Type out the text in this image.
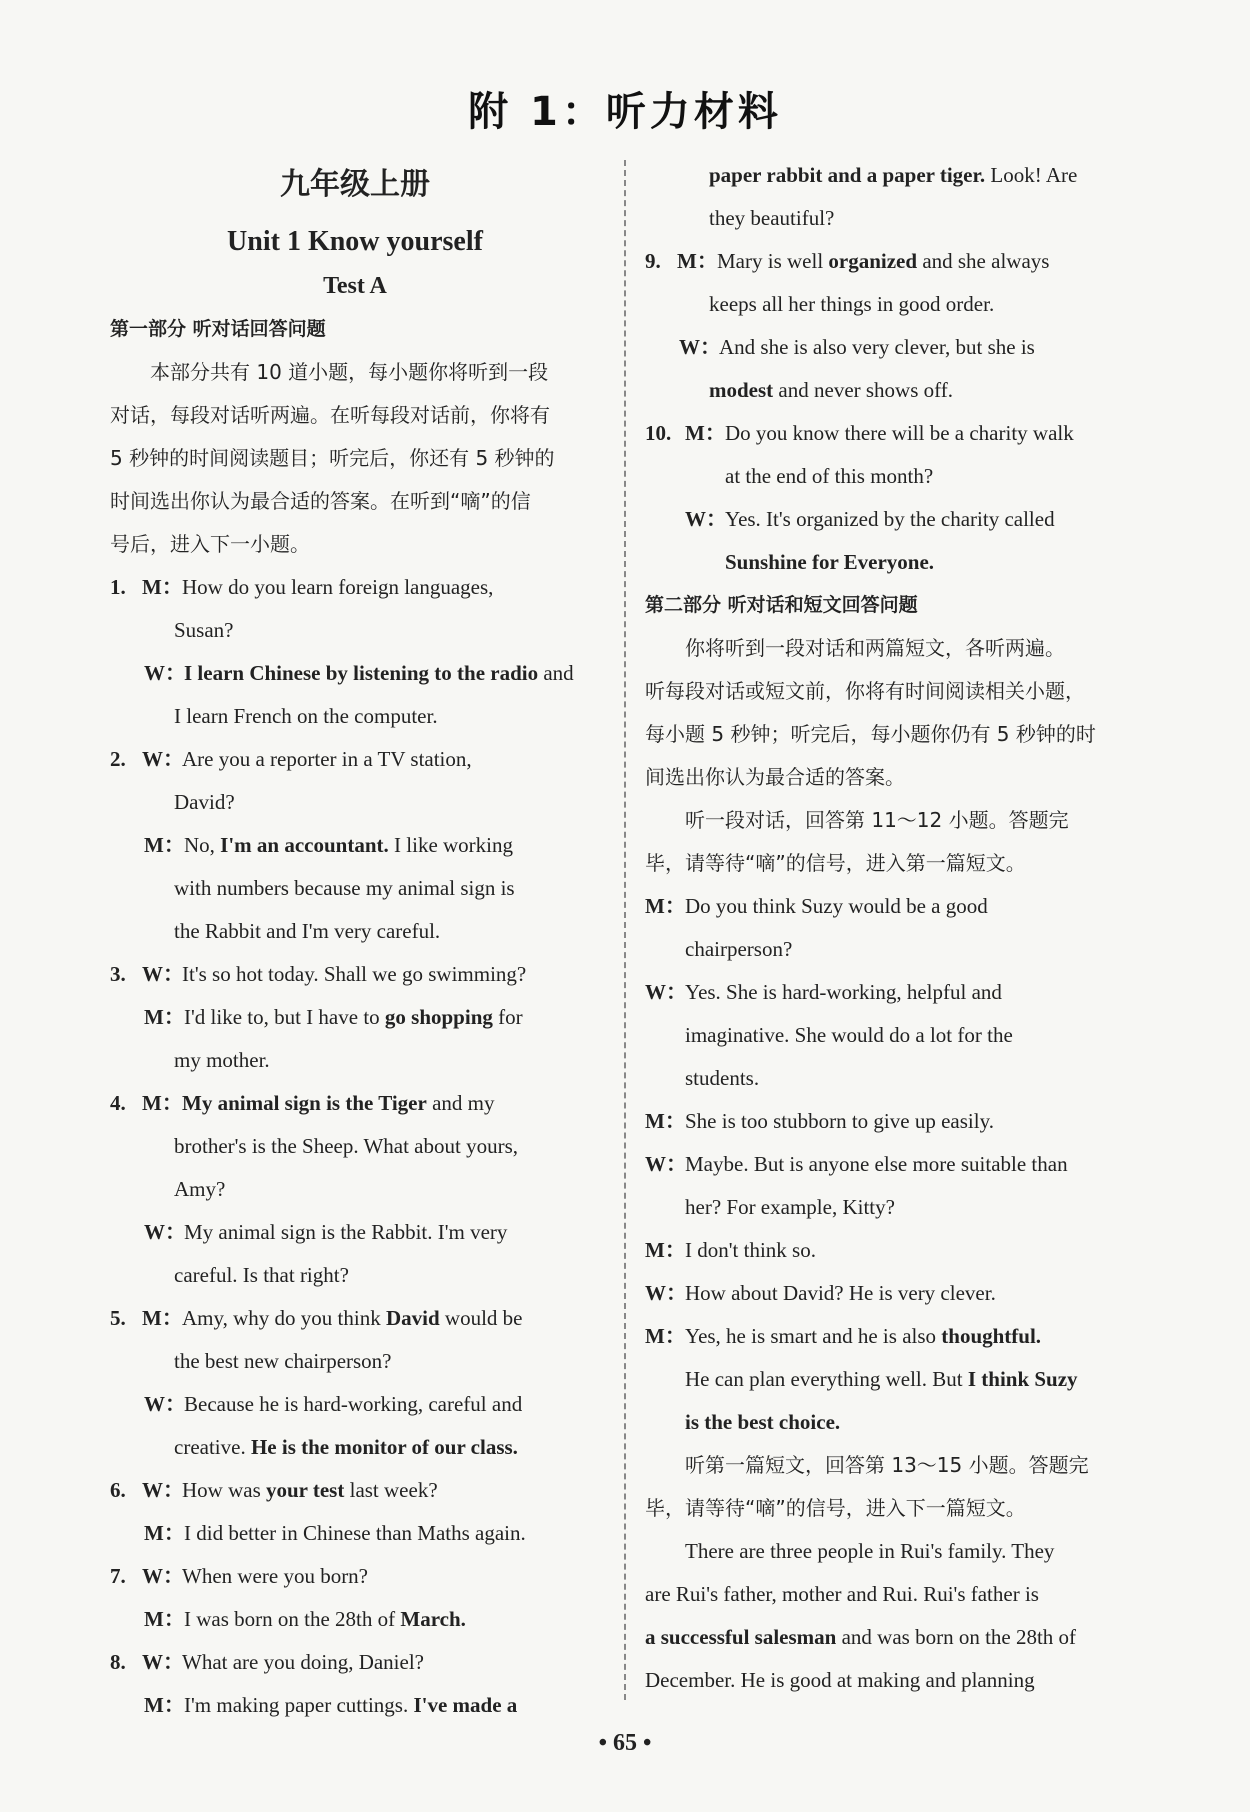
附 1：听力材料
九年级上册
Unit 1 Know yourself
Test A
第一部分 听对话回答问题
本部分共有 10 道小题，每小题你将听到一段
对话，每段对话听两遍。在听每段对话前，你将有
5 秒钟的时间阅读题目；听完后，你还有 5 秒钟的
时间选出你认为最合适的答案。在听到“嘀”的信
号后，进入下一小题。
1. M：How do you learn foreign languages,
Susan?
W：I learn Chinese by listening to the radio and
I learn French on the computer.
2. W：Are you a reporter in a TV station,
David?
M：No, I'm an accountant. I like working
with numbers because my animal sign is
the Rabbit and I'm very careful.
3. W：It's so hot today. Shall we go swimming?
M：I'd like to, but I have to go shopping for
my mother.
4. M：My animal sign is the Tiger and my
brother's is the Sheep. What about yours,
Amy?
W：My animal sign is the Rabbit. I'm very
careful. Is that right?
5. M：Amy, why do you think David would be
the best new chairperson?
W：Because he is hard-working, careful and
creative. He is the monitor of our class.
6. W：How was your test last week?
M：I did better in Chinese than Maths again.
7. W：When were you born?
M：I was born on the 28th of March.
8. W：What are you doing, Daniel?
M：I'm making paper cuttings. I've made a
paper rabbit and a paper tiger. Look! Are
they beautiful?
9. M：Mary is well organized and she always
keeps all her things in good order.
W：And she is also very clever, but she is
modest and never shows off.
10. M：Do you know there will be a charity walk
at the end of this month?
W：Yes. It's organized by the charity called
Sunshine for Everyone.
第二部分 听对话和短文回答问题
你将听到一段对话和两篇短文，各听两遍。
听每段对话或短文前，你将有时间阅读相关小题，
每小题 5 秒钟；听完后，每小题你仍有 5 秒钟的时
间选出你认为最合适的答案。
听一段对话，回答第 11～12 小题。答题完
毕，请等待“嘀”的信号，进入第一篇短文。
M：Do you think Suzy would be a good
chairperson?
W：Yes. She is hard-working, helpful and
imaginative. She would do a lot for the
students.
M：She is too stubborn to give up easily.
W：Maybe. But is anyone else more suitable than
her? For example, Kitty?
M：I don't think so.
W：How about David? He is very clever.
M：Yes, he is smart and he is also thoughtful.
He can plan everything well. But I think Suzy
is the best choice.
听第一篇短文，回答第 13～15 小题。答题完
毕，请等待“嘀”的信号，进入下一篇短文。
There are three people in Rui's family. They
are Rui's father, mother and Rui. Rui's father is
a successful salesman and was born on the 28th of
December. He is good at making and planning
• 65 •
